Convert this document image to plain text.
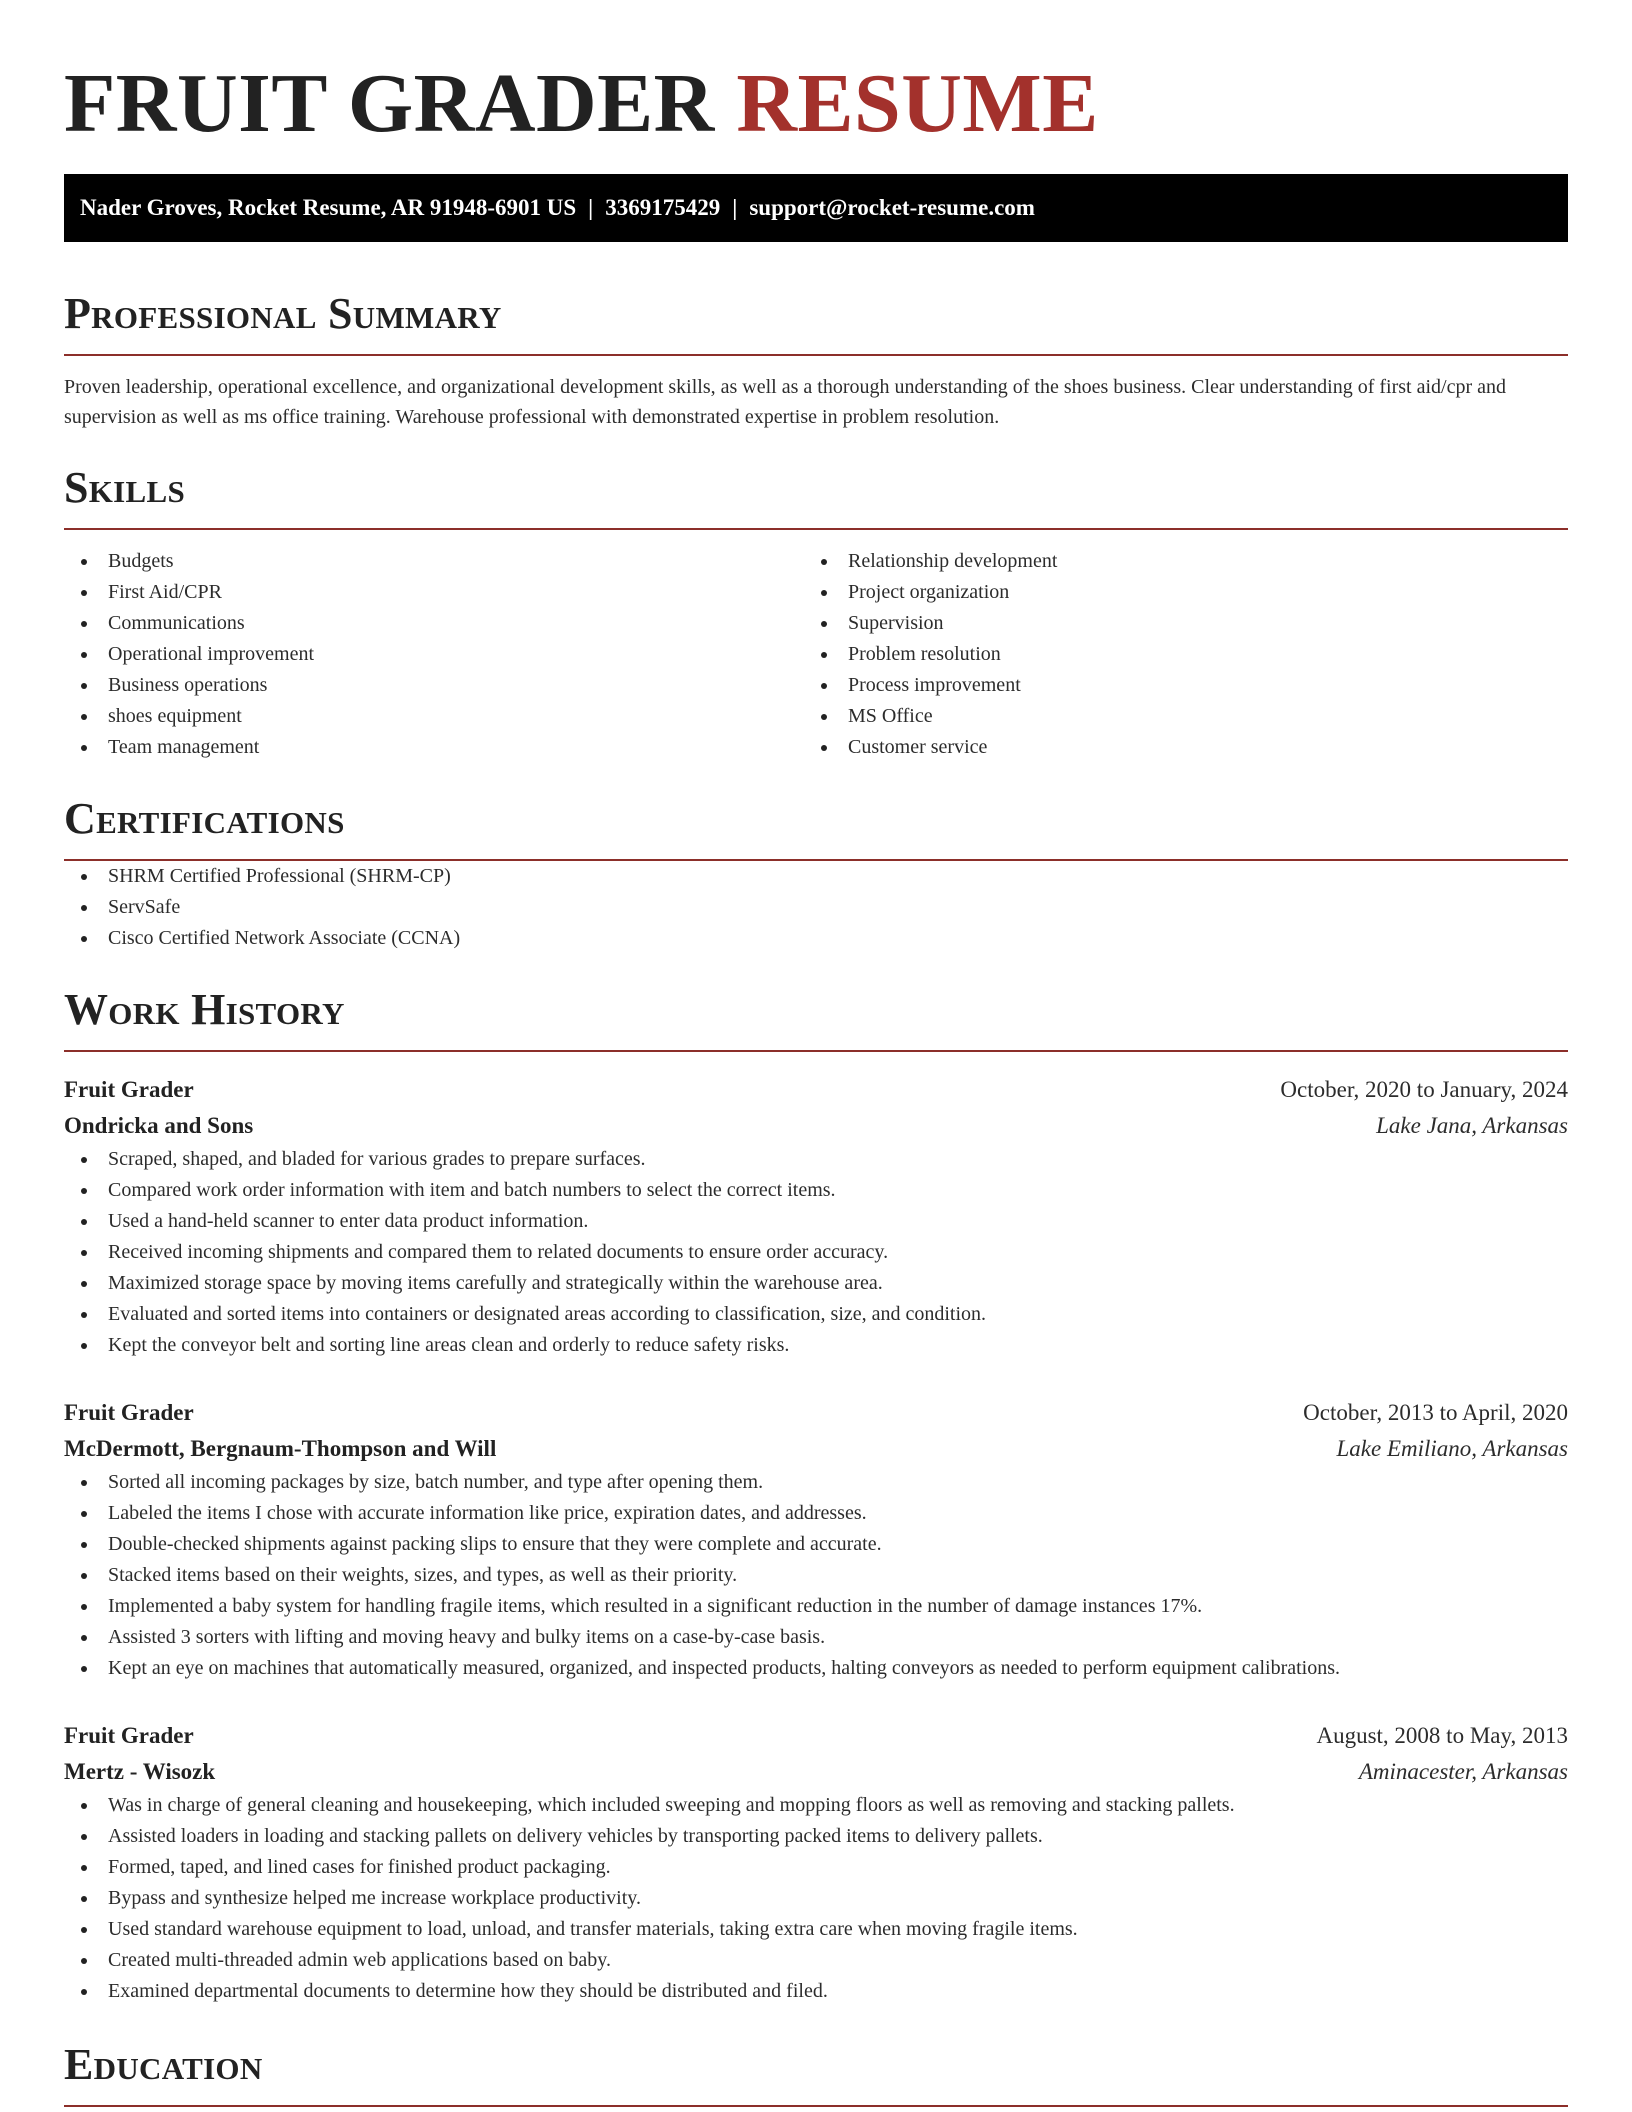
FRUIT GRADER RESUME
Nader Groves, Rocket Resume, AR 91948-6901 US | 3369175429 | support@rocket-resume.com
Professional Summary

Proven leadership, operational excellence, and organizational development skills, as well as a thorough understanding of the shoes business. Clear understanding of first aid/cpr and supervision as well as ms office training. Warehouse professional with demonstrated expertise in problem resolution.

Skills
Budgets
First Aid/CPR
Communications
Operational improvement
Business operations
shoes equipment
Team management
Relationship development
Project organization
Supervision
Problem resolution
Process improvement
MS Office
Customer service
Certifications
SHRM Certified Professional (SHRM-CP)
ServSafe
Cisco Certified Network Associate (CCNA)
Work History
Fruit Grader	October, 2020 to January, 2024
Ondricka and Sons	Lake Jana, Arkansas
Scraped, shaped, and bladed for various grades to prepare surfaces.
Compared work order information with item and batch numbers to select the correct items.
Used a hand-held scanner to enter data product information.
Received incoming shipments and compared them to related documents to ensure order accuracy.
Maximized storage space by moving items carefully and strategically within the warehouse area.
Evaluated and sorted items into containers or designated areas according to classification, size, and condition.
Kept the conveyor belt and sorting line areas clean and orderly to reduce safety risks.
Fruit Grader	October, 2013 to April, 2020
McDermott, Bergnaum-Thompson and Will	Lake Emiliano, Arkansas
Sorted all incoming packages by size, batch number, and type after opening them.
Labeled the items I chose with accurate information like price, expiration dates, and addresses.
Double-checked shipments against packing slips to ensure that they were complete and accurate.
Stacked items based on their weights, sizes, and types, as well as their priority.
Implemented a baby system for handling fragile items, which resulted in a significant reduction in the number of damage instances 17%.
Assisted 3 sorters with lifting and moving heavy and bulky items on a case-by-case basis.
Kept an eye on machines that automatically measured, organized, and inspected products, halting conveyors as needed to perform equipment calibrations.
Fruit Grader	August, 2008 to May, 2013
Mertz - Wisozk	Aminacester, Arkansas
Was in charge of general cleaning and housekeeping, which included sweeping and mopping floors as well as removing and stacking pallets.
Assisted loaders in loading and stacking pallets on delivery vehicles by transporting packed items to delivery pallets.
Formed, taped, and lined cases for finished product packaging.
Bypass and synthesize helped me increase workplace productivity.
Used standard warehouse equipment to load, unload, and transfer materials, taking extra care when moving fragile items.
Created multi-threaded admin web applications based on baby.
Examined departmental documents to determine how they should be distributed and filed.
Education
